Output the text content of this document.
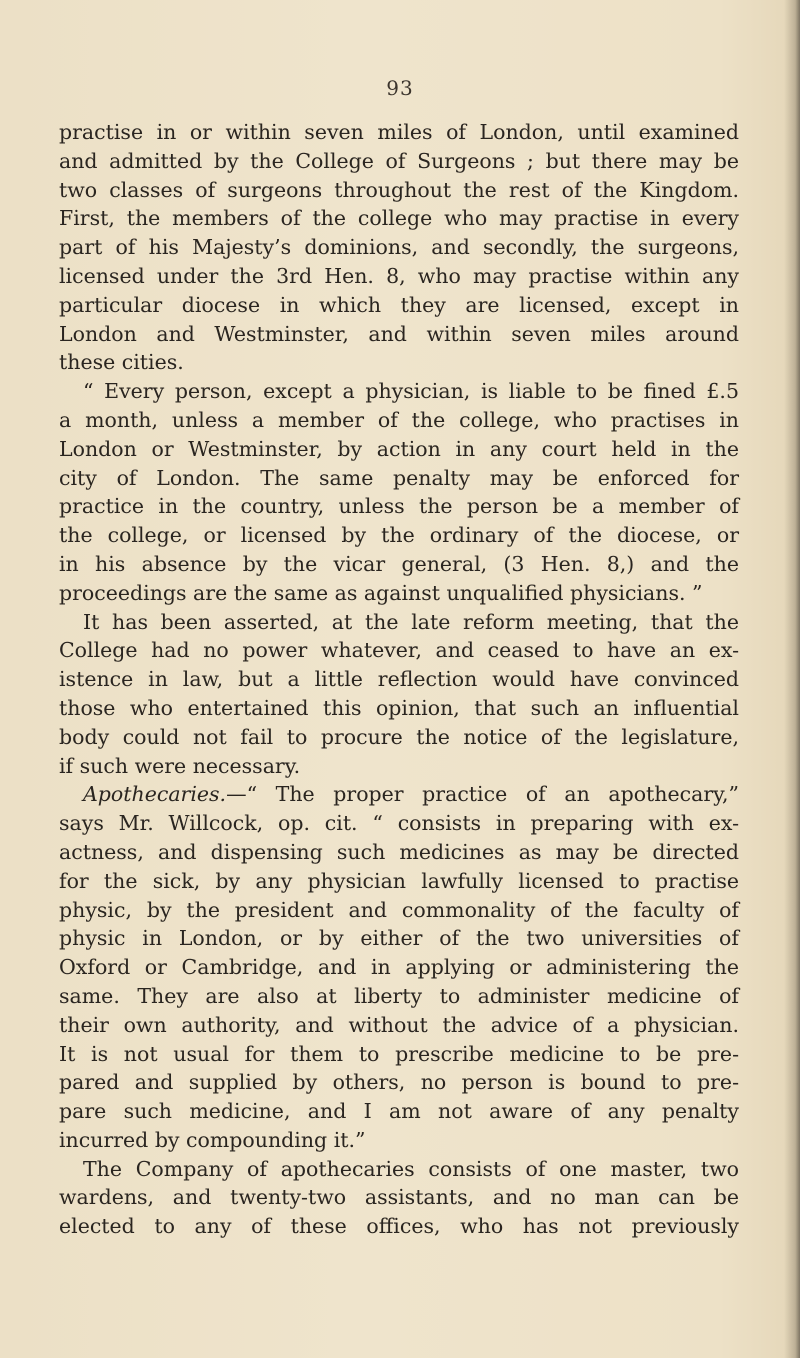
93
practise in or within seven miles of London, until examined
and admitted by the College of Surgeons ; but there may be
two classes of surgeons throughout the rest of the Kingdom.
First, the members of the college who may practise in every
part of his Majesty’s dominions, and secondly, the surgeons,
licensed under the 3rd Hen. 8, who may practise within any
particular diocese in which they are licensed, except in
London and Westminster, and within seven miles around
these cities.
“ Every person, except a physician, is liable to be fined £.5
a month, unless a member of the college, who practises in
London or Westminster, by action in any court held in the
city of London. The same penalty may be enforced for
practice in the country, unless the person be a member of
the college, or licensed by the ordinary of the diocese, or
in his absence by the vicar general, (3 Hen. 8,) and the
proceedings are the same as against unqualified physicians. ”
It has been asserted, at the late reform meeting, that the
College had no power whatever, and ceased to have an ex-
istence in law, but a little reflection would have convinced
those who entertained this opinion, that such an influential
body could not fail to procure the notice of the legislature,
if such were necessary.
Apothecaries.—“ The proper practice of an apothecary,”
says Mr. Willcock, op. cit. “ consists in preparing with ex-
actness, and dispensing such medicines as may be directed
for the sick, by any physician lawfully licensed to practise
physic, by the president and commonality of the faculty of
physic in London, or by either of the two universities of
Oxford or Cambridge, and in applying or administering the
same. They are also at liberty to administer medicine of
their own authority, and without the advice of a physician.
It is not usual for them to prescribe medicine to be pre-
pared and supplied by others, no person is bound to pre-
pare such medicine, and I am not aware of any penalty
incurred by compounding it.”
The Company of apothecaries consists of one master, two
wardens, and twenty-two assistants, and no man can be
elected to any of these offices, who has not previously
